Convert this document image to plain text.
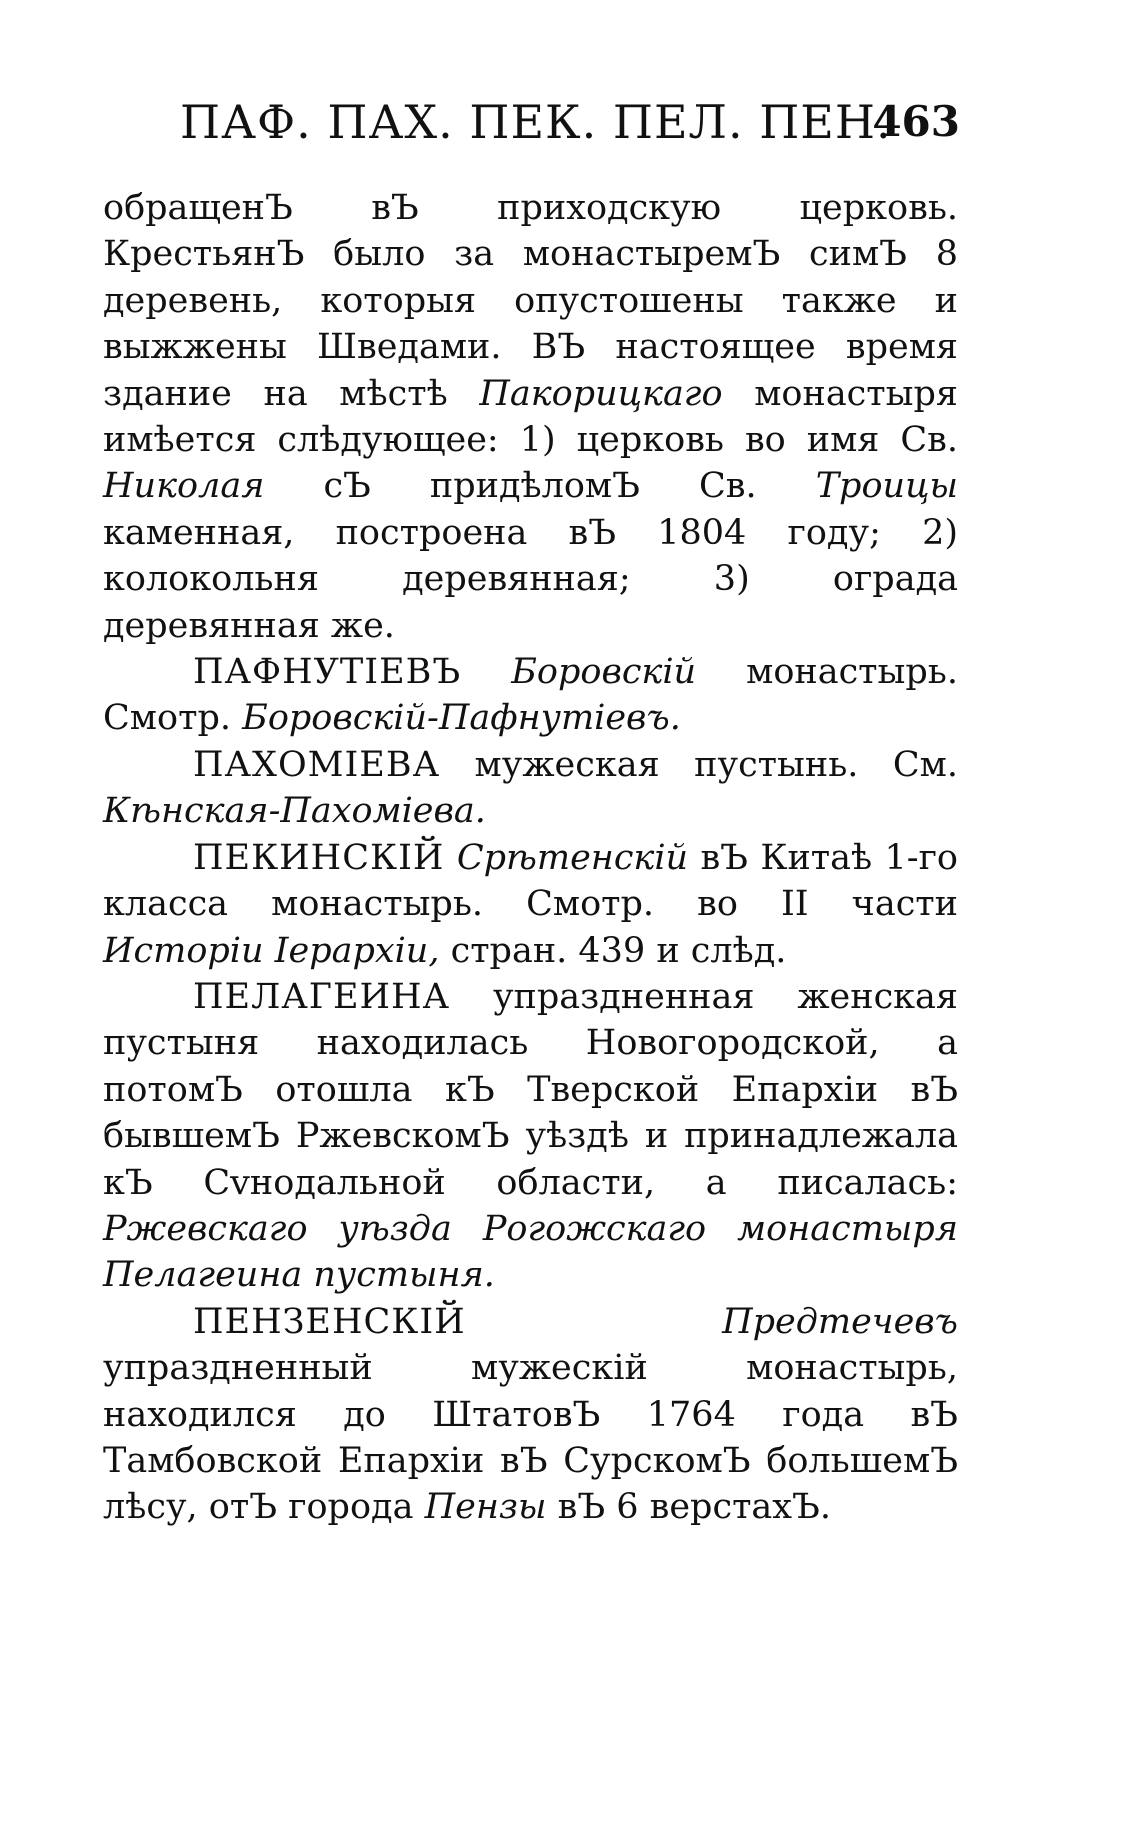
ПАФ. ПАХ. ПЕК. ПЕЛ. ПЕН.
463

обращенЪ вЪ приходскую церковь. КрестьянЪ было за монастыремЪ симЪ 8 деревень, которыя опустошены также и выжжены Шведами. ВЪ настоящее время здание на мѣстѣ Пакорицкаго монастыря имѣется слѣдующее: 1) церковь во имя Св. Николая сЪ придѣломЪ Св. Троицы каменная, построена вЪ 1804 году; 2) колокольня деревянная; 3) ограда деревянная же.

ПАФНУТІЕВЪ Боровскій монастырь. Смотр. Боровскій-Пафнутіевъ.

ПАХОМІЕВА мужеская пустынь. См. Кѣнская-Пахоміева.

ПЕКИНСКІЙ Срѣтенскій вЪ Китаѣ 1-го класса монастырь. Смотр. во II части Исторіи Іерархіи, стран. 439 и слѣд.

ПЕЛАГЕИНА упраздненная женская пустыня находилась Новогородской, а потомЪ отошла кЪ Тверской Епархіи вЪ бывшемЪ РжевскомЪ уѣздѣ и принадлежала кЪ Сvнодальной области, а писалась: Ржевскаго уѣзда Рогожскаго монастыря Пелагеина пустыня.

ПЕНЗЕНСКІЙ	Предтечевъ упраздненный мужескій монастырь, находился до ШтатовЪ 1764 года вЪ Тамбовской Епархіи вЪ СурскомЪ большемЪ лѣсу, отЪ города Пензы вЪ 6 верстахЪ.
